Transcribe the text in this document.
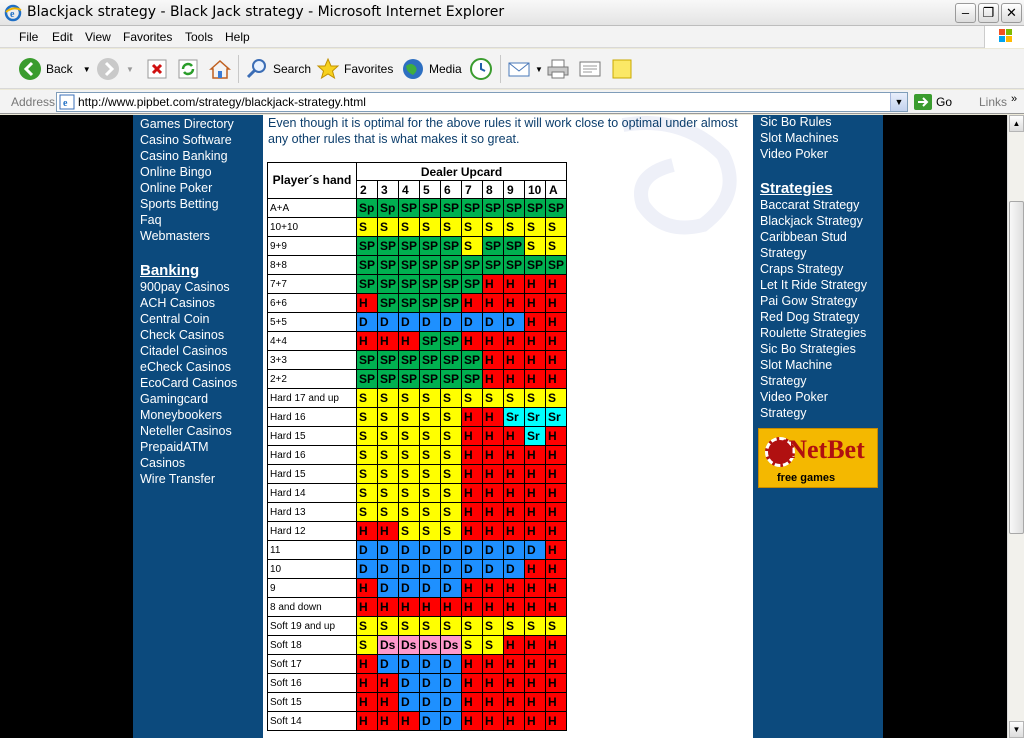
e Blackjack strategy - Black Jack strategy - Microsoft Internet Explorer	–	❐ ✕
File Edit View Favorites Tools Help
Back ▼	▼	Search	Favorites	Media	▼
Address e http://www.pipbet.com/strategy/blackjack-strategy.html	▼	Go Links »
Games Directory
Casino Software
Casino Banking
Online Bingo
Online Poker
Sports Betting
Faq
Webmasters
Banking
900pay Casinos
ACH Casinos
Central Coin
Check Casinos
Citadel Casinos
eCheck Casinos
EcoCard Casinos
Gamingcard
Moneybookers
Neteller Casinos
PrepaidATM
Casinos
Wire Transfer
Even though it is optimal for the above rules it will work close to optimal under almost any other rules that is what makes it so great.
Player´s hand	Dealer Upcard									
	2	3	4	5	6	7	8	9	10	A
A+A	Sp	Sp	SP	SP	SP	SP	SP	SP	SP	SP
10+10	S	S	S	S	S	S	S	S	S	S
9+9	SP	SP	SP	SP	SP	S	SP	SP	S	S
8+8	SP	SP	SP	SP	SP	SP	SP	SP	SP	SP
7+7	SP	SP	SP	SP	SP	SP	H	H	H	H
6+6	H	SP	SP	SP	SP	H	H	H	H	H
5+5	D	D	D	D	D	D	D	D	H	H
4+4	H	H	H	SP	SP	H	H	H	H	H
3+3	SP	SP	SP	SP	SP	SP	H	H	H	H
2+2	SP	SP	SP	SP	SP	SP	H	H	H	H
Hard 17 and up	S	S	S	S	S	S	S	S	S	S
Hard 16	S	S	S	S	S	H	H	Sr	Sr	Sr
Hard 15	S	S	S	S	S	H	H	H	Sr	H
Hard 16	S	S	S	S	S	H	H	H	H	H
Hard 15	S	S	S	S	S	H	H	H	H	H
Hard 14	S	S	S	S	S	H	H	H	H	H
Hard 13	S	S	S	S	S	H	H	H	H	H
Hard 12	H	H	S	S	S	H	H	H	H	H
11	D	D	D	D	D	D	D	D	D	H
10	D	D	D	D	D	D	D	D	H	H
9	H	D	D	D	D	H	H	H	H	H
8 and down	H	H	H	H	H	H	H	H	H	H
Soft 19 and up	S	S	S	S	S	S	S	S	S	S
Soft 18	S	Ds	Ds	Ds	Ds	S	S	H	H	H
Soft 17	H	D	D	D	D	H	H	H	H	H
Soft 16	H	H	D	D	D	H	H	H	H	H
Soft 15	H	H	D	D	D	H	H	H	H	H
Soft 14	H	H	H	D	D	H	H	H	H	H
Sic Bo Rules
Slot Machines
Video Poker
Strategies
Baccarat Strategy
Blackjack Strategy
Caribbean Stud
Strategy
Craps Strategy
Let It Ride Strategy
Pai Gow Strategy
Red Dog Strategy
Roulette Strategies
Sic Bo Strategies
Slot Machine
Strategy
Video Poker
Strategy
iNetBet
free games
▲
▼
